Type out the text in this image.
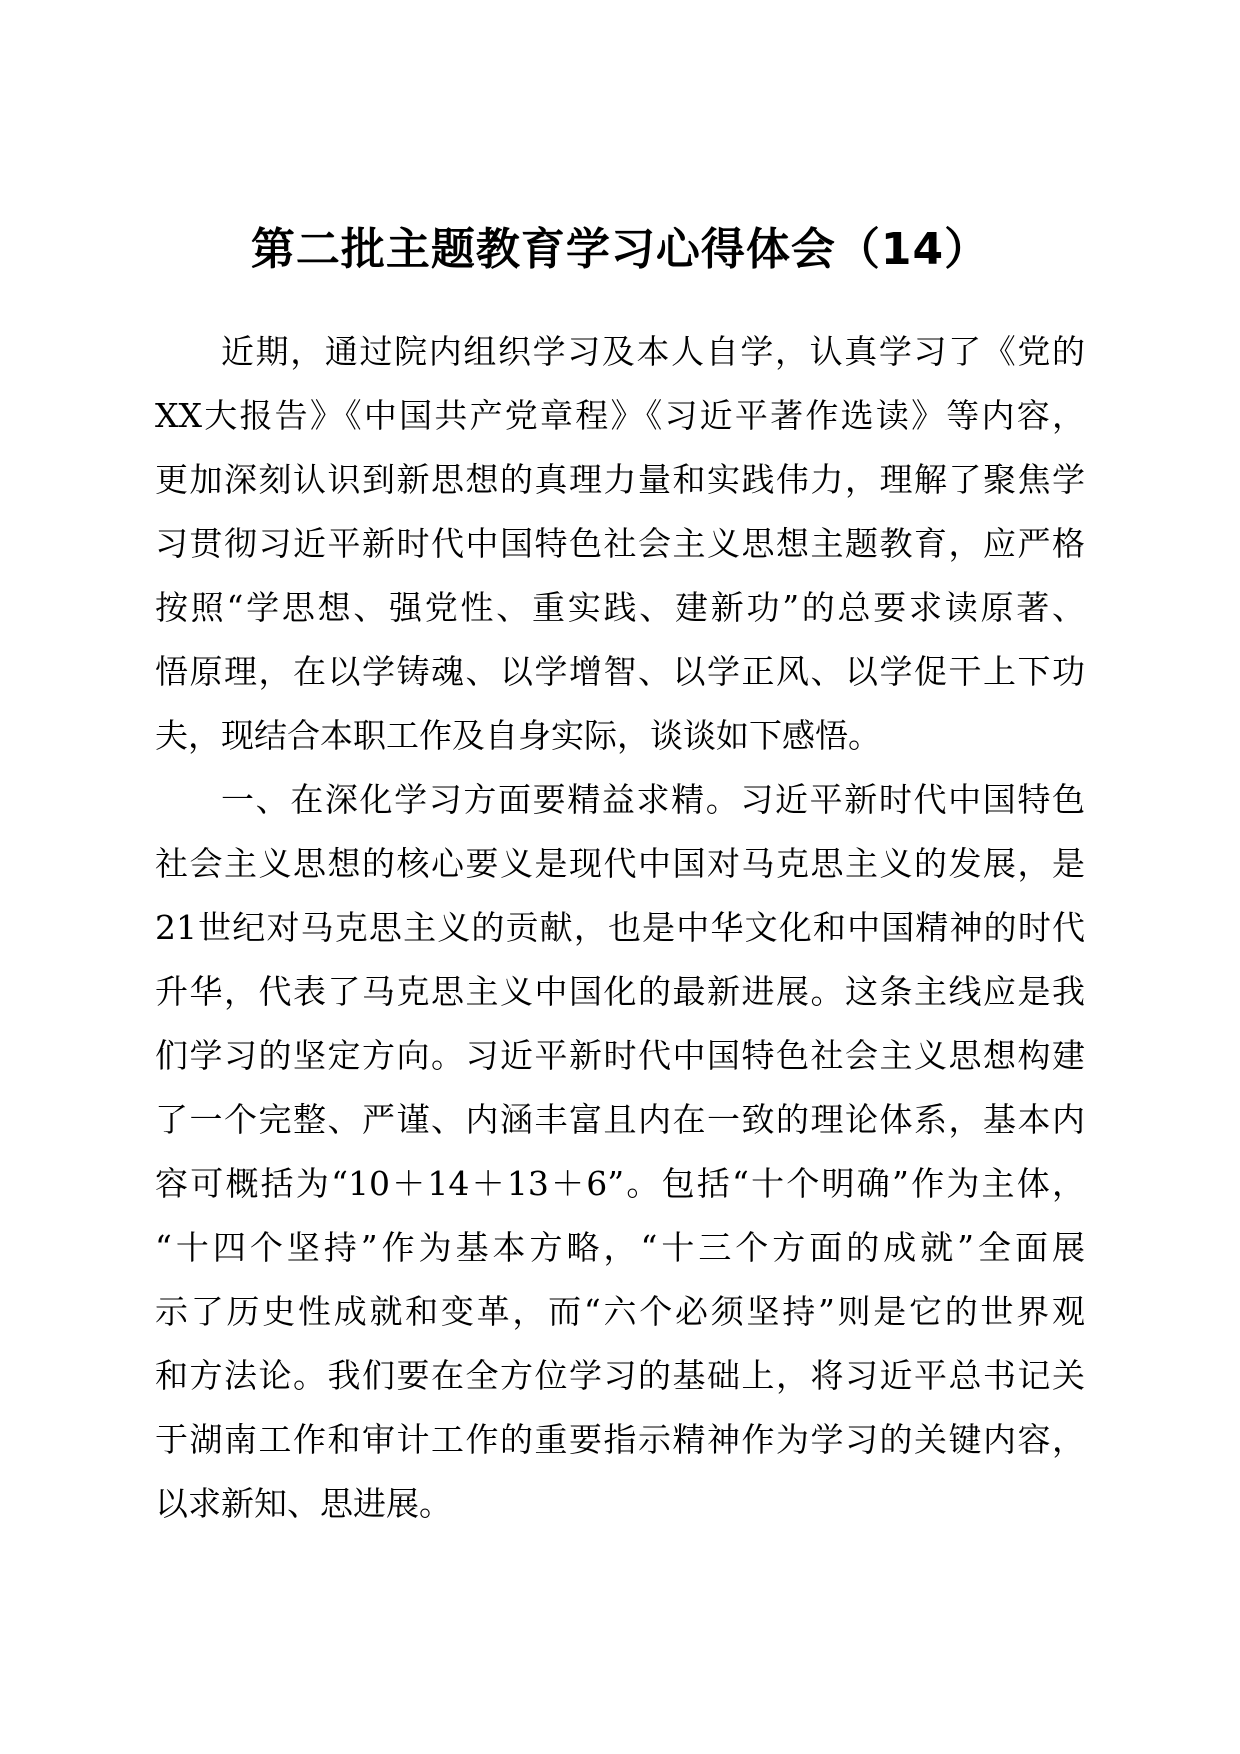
第二批主题教育学习心得体会（14）
近期，通过院内组织学习及本人自学，认真学习了《党的
XX大报告》《中国共产党章程》《习近平著作选读》等内容，
更加深刻认识到新思想的真理力量和实践伟力，理解了聚焦学
习贯彻习近平新时代中国特色社会主义思想主题教育，应严格
按照“学思想、强党性、重实践、建新功”的总要求读原著、
悟原理，在以学铸魂、以学增智、以学正风、以学促干上下功
夫，现结合本职工作及自身实际，谈谈如下感悟。
一、在深化学习方面要精益求精。习近平新时代中国特色
社会主义思想的核心要义是现代中国对马克思主义的发展，是
21世纪对马克思主义的贡献，也是中华文化和中国精神的时代
升华，代表了马克思主义中国化的最新进展。这条主线应是我
们学习的坚定方向。习近平新时代中国特色社会主义思想构建
了一个完整、严谨、内涵丰富且内在一致的理论体系，基本内
容可概括为“10＋14＋13＋6”。包括“十个明确”作为主体，
“十四个坚持”作为基本方略，“十三个方面的成就”全面展
示了历史性成就和变革，而“六个必须坚持”则是它的世界观
和方法论。我们要在全方位学习的基础上，将习近平总书记关
于湖南工作和审计工作的重要指示精神作为学习的关键内容，
以求新知、思进展。
